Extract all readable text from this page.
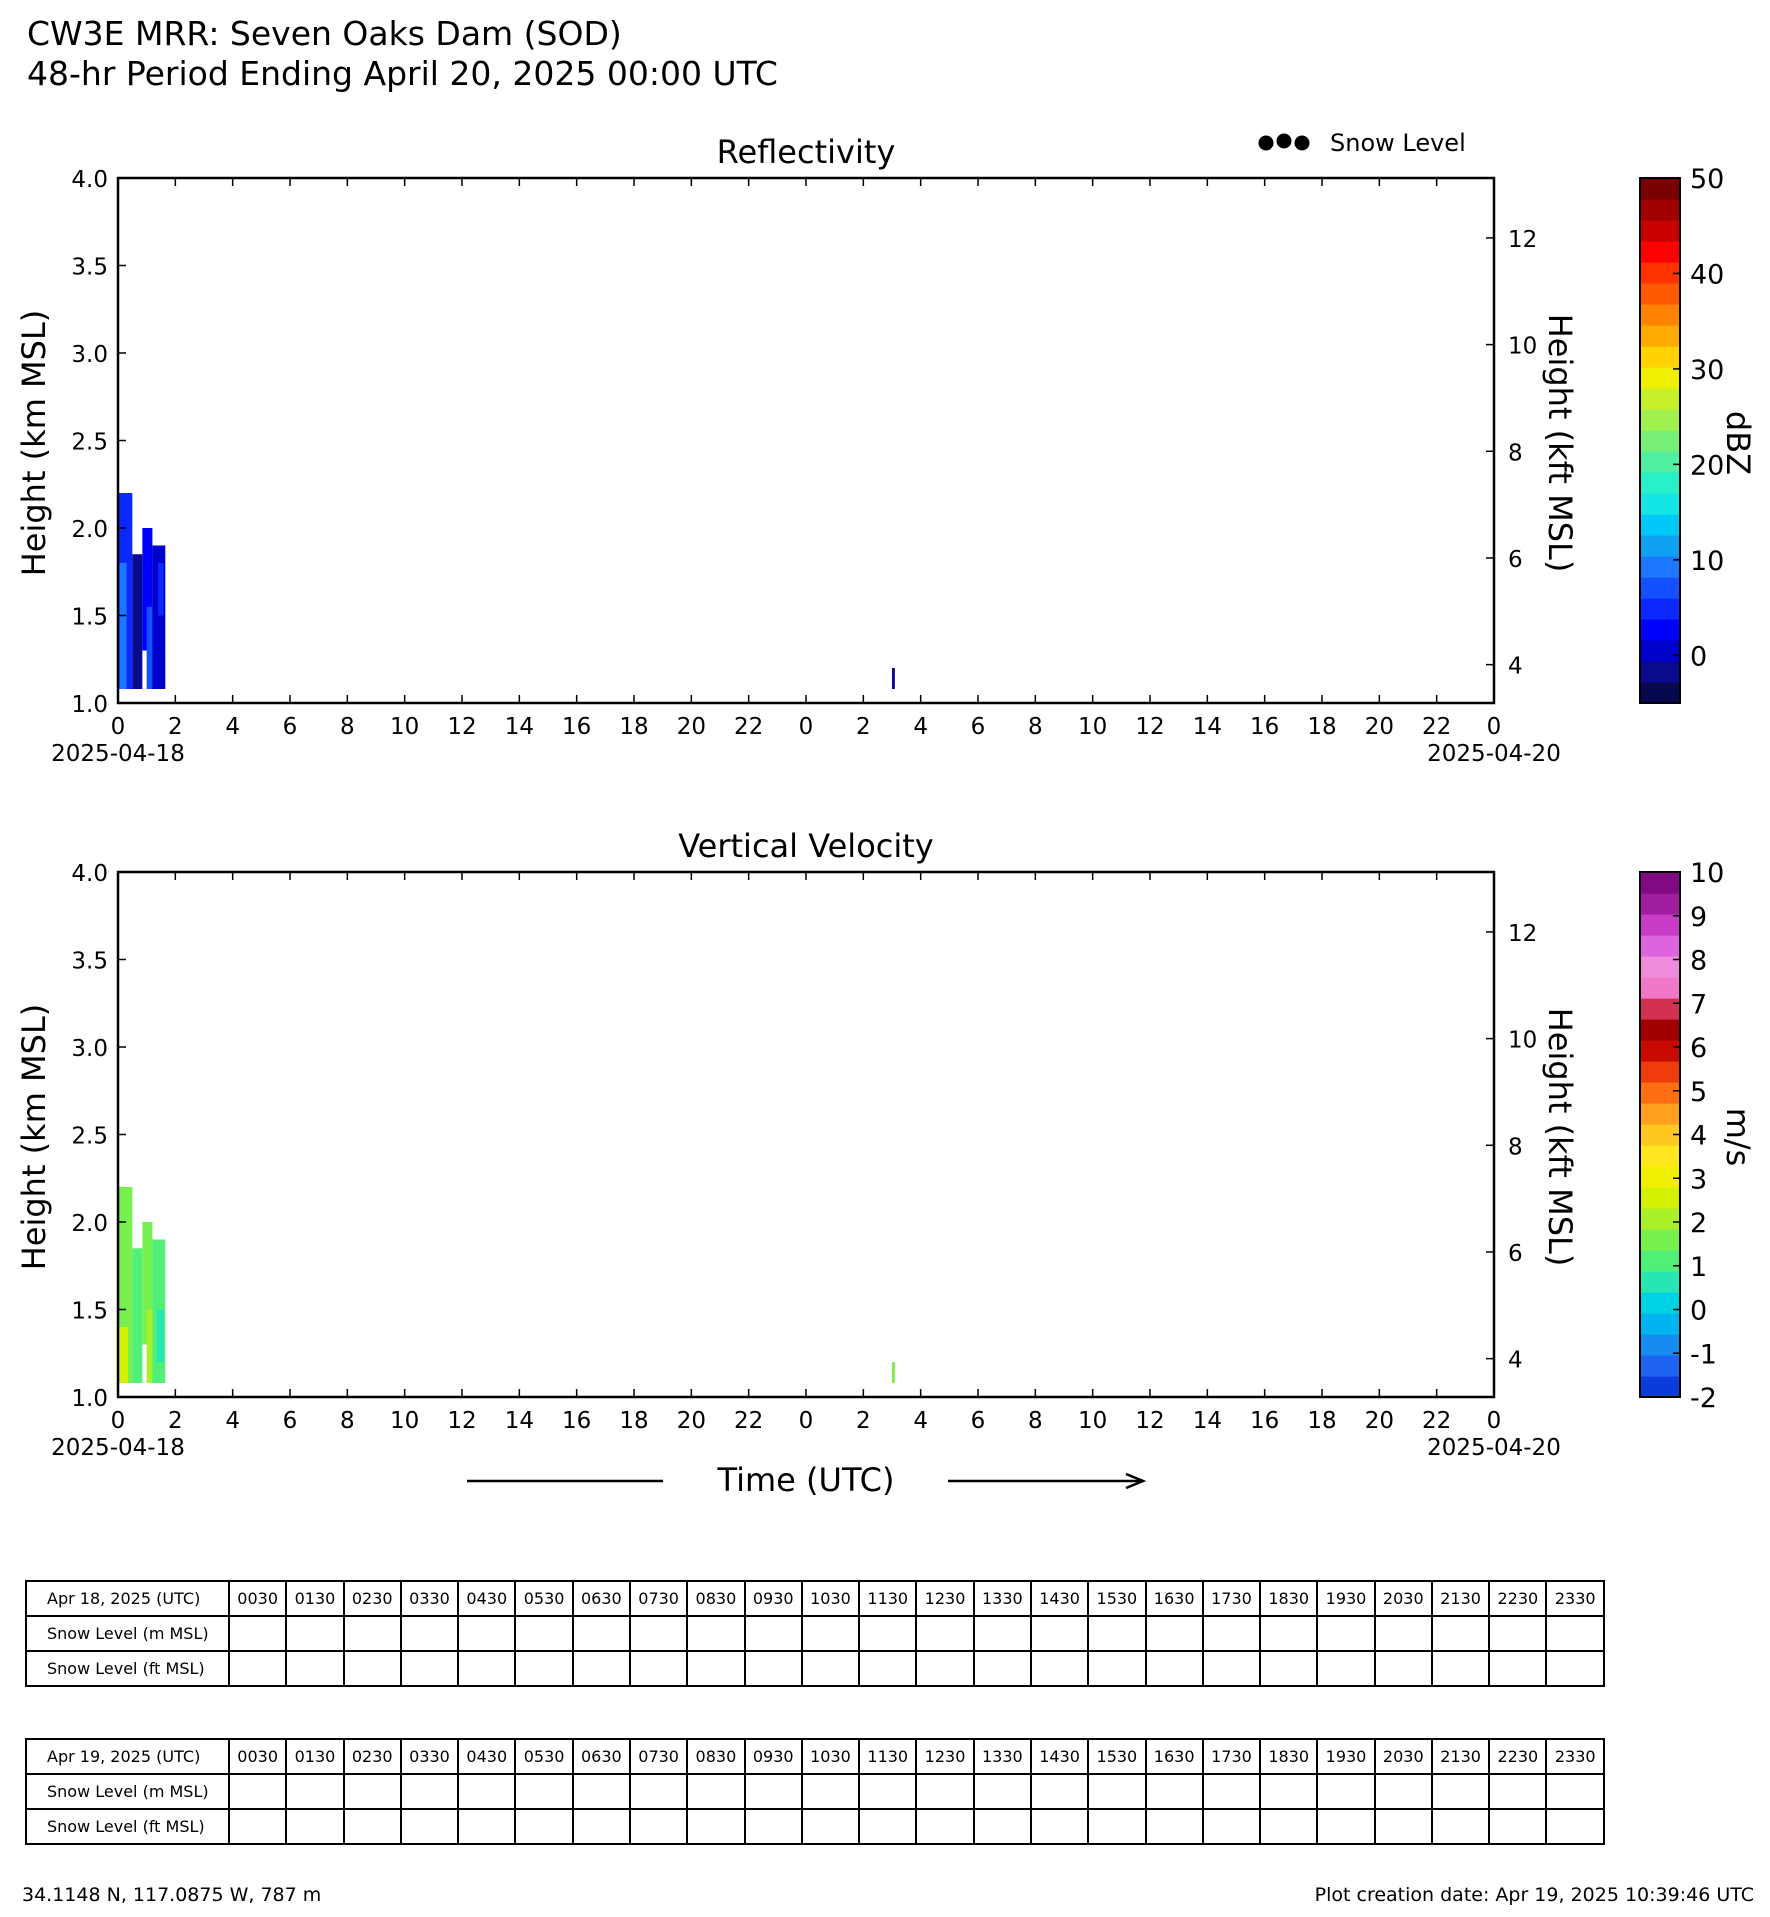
CW3E MRR: Seven Oaks Dam (SOD)
48-hr Period Ending April 20, 2025 00:00 UTC
Snow Level
Reflectivity
Height (km MSL)	Height (kft MSL)	dBZ
2025-04-18	2025-04-20
0 2 4 6 8 10 12 14 16 18 20 22 0 2 4 6 8 10 12 14 16 18 20 22 0
1.0
1.5
2.0
2.5
3.0
3.5
4.0
4
6
8
10
12
0
10
20
30
40
50
Vertical Velocity
Height (km MSL)	Height (kft MSL)	m/s
2025-04-18	2025-04-20
Time (UTC)
0 2 4 6 8 10 12 14 16 18 20 22 0 2 4 6 8 10 12 14 16 18 20 22 0
1.0
1.5
2.0
2.5
3.0
3.5
4.0
4
6
8
10
12
-2
-1
0
1
2
3
4
5
6
7
8
9
10
Apr 18, 2025 (UTC)	0030	0130	0230	0330	0430	0530	0630	0730	0830	0930	1030	1130	1230	1330	1430	1530	1630	1730	1830	1930	2030	2130	2230	2330
Snow Level (m MSL)																								
Snow Level (ft MSL)																								
Apr 19, 2025 (UTC)	0030	0130	0230	0330	0430	0530	0630	0730	0830	0930	1030	1130	1230	1330	1430	1530	1630	1730	1830	1930	2030	2130	2230	2330
Snow Level (m MSL)																								
Snow Level (ft MSL)																								
34.1148 N, 117.0875 W, 787 m	Plot creation date: Apr 19, 2025 10:39:46 UTC
